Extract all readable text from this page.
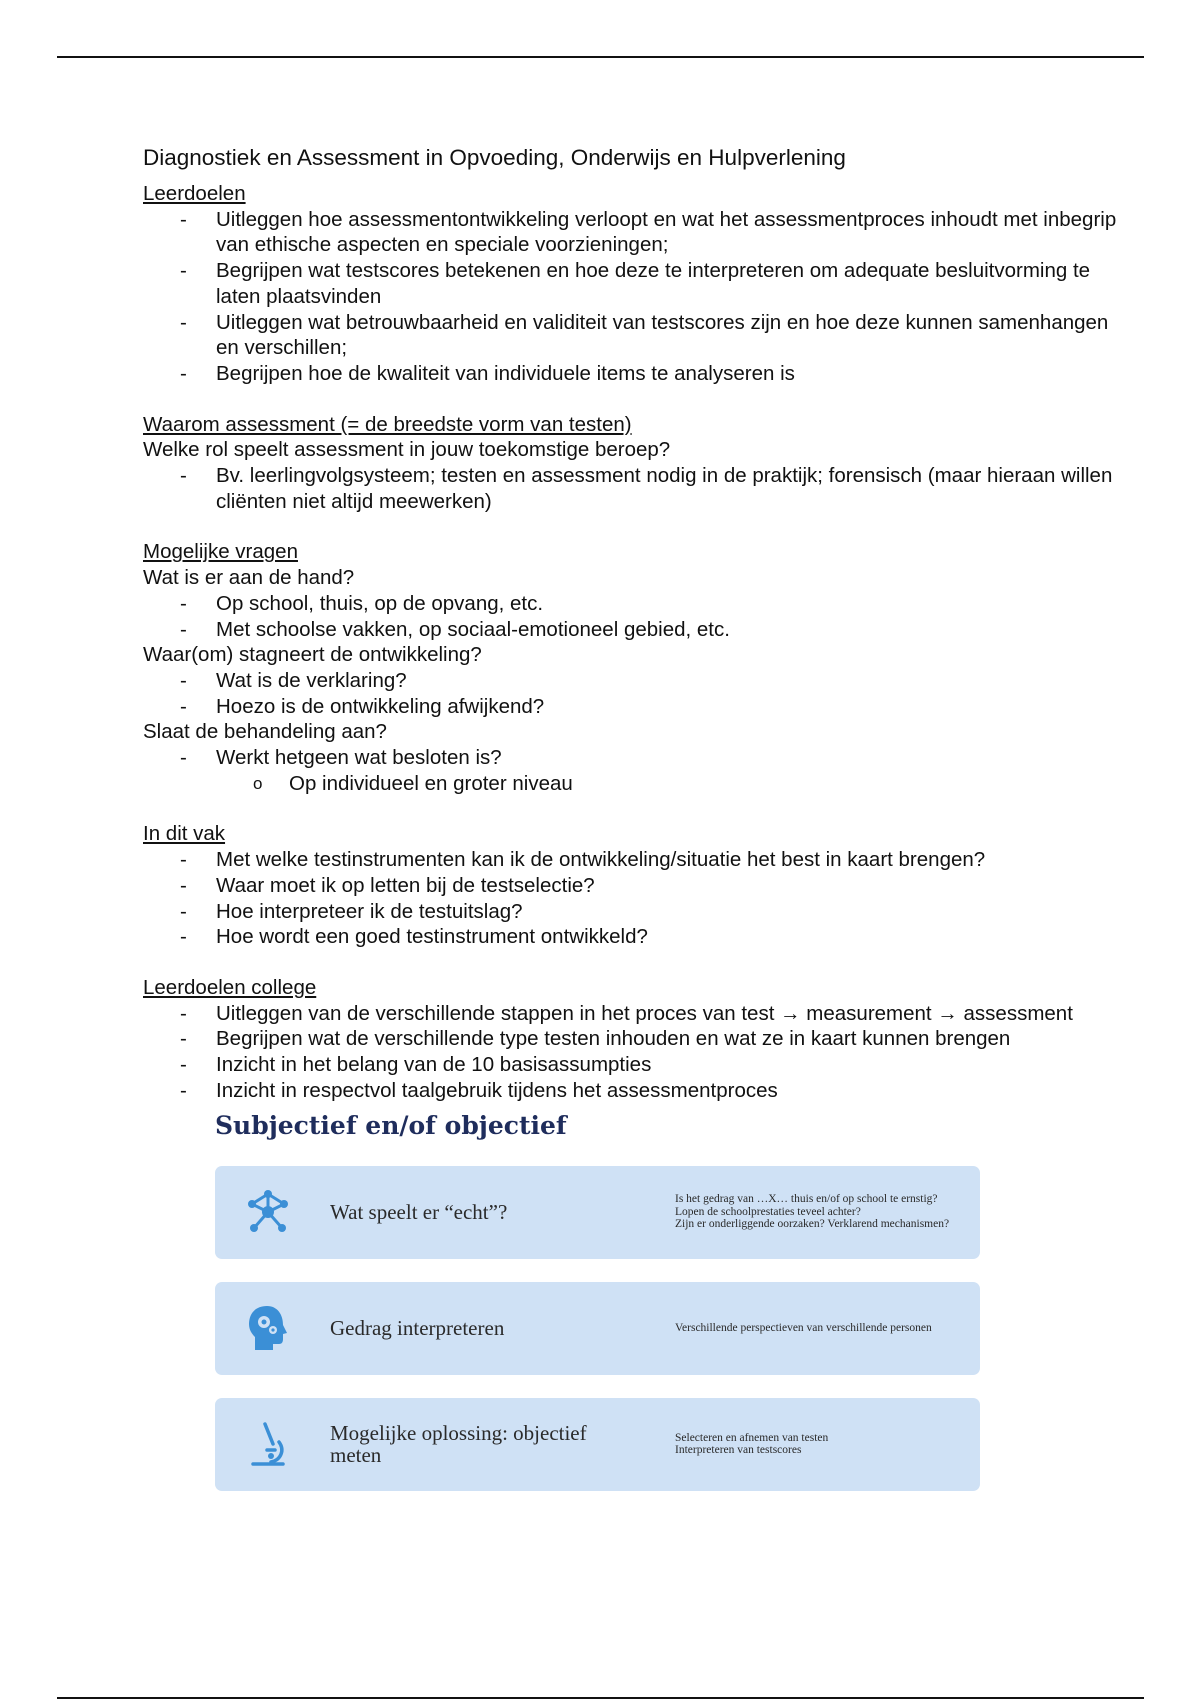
Diagnostiek en Assessment in Opvoeding, Onderwijs en Hulpverlening

Leerdoelen

- Uitleggen hoe assessmentontwikkeling verloopt en wat het assessmentproces inhoudt met inbegrip van ethische aspecten en speciale voorzieningen;
- Begrijpen wat testscores betekenen en hoe deze te interpreteren om adequate besluitvorming te laten plaatsvinden
- Uitleggen wat betrouwbaarheid en validiteit van testscores zijn en hoe deze kunnen samenhangen en verschillen;
- Begrijpen hoe de kwaliteit van individuele items te analyseren is

Waarom assessment (= de breedste vorm van testen)

Welke rol speelt assessment in jouw toekomstige beroep?

- Bv. leerlingvolgsysteem; testen en assessment nodig in de praktijk; forensisch (maar hieraan willen cliënten niet altijd meewerken)

Mogelijke vragen

Wat is er aan de hand?

- Op school, thuis, op de opvang, etc.
- Met schoolse vakken, op sociaal-emotioneel gebied, etc.

Waar(om) stagneert de ontwikkeling?

- Wat is de verklaring?
- Hoezo is de ontwikkeling afwijkend?

Slaat de behandeling aan?

- Werkt hetgeen wat besloten is?
o Op individueel en groter niveau

In dit vak

- Met welke testinstrumenten kan ik de ontwikkeling/situatie het best in kaart brengen?
- Waar moet ik op letten bij de testselectie?
- Hoe interpreteer ik de testuitslag?
- Hoe wordt een goed testinstrument ontwikkeld?

Leerdoelen college

- Uitleggen van de verschillende stappen in het proces van test → measurement → assessment
- Begrijpen wat de verschillende type testen inhouden en wat ze in kaart kunnen brengen
- Inzicht in het belang van de 10 basisassumpties
- Inzicht in respectvol taalgebruik tijdens het assessmentproces

Subjectief en/of objectief

Wat speelt er “echt”?
Is het gedrag van …X… thuis en/of op school te ernstig?
Lopen de schoolprestaties teveel achter?
Zijn er onderliggende oorzaken? Verklarend mechanismen?
Gedrag interpreteren	Verschillende perspectieven van verschillende personen
Mogelijke oplossing: objectief meten
Selecteren en afnemen van testen
Interpreteren van testscores
